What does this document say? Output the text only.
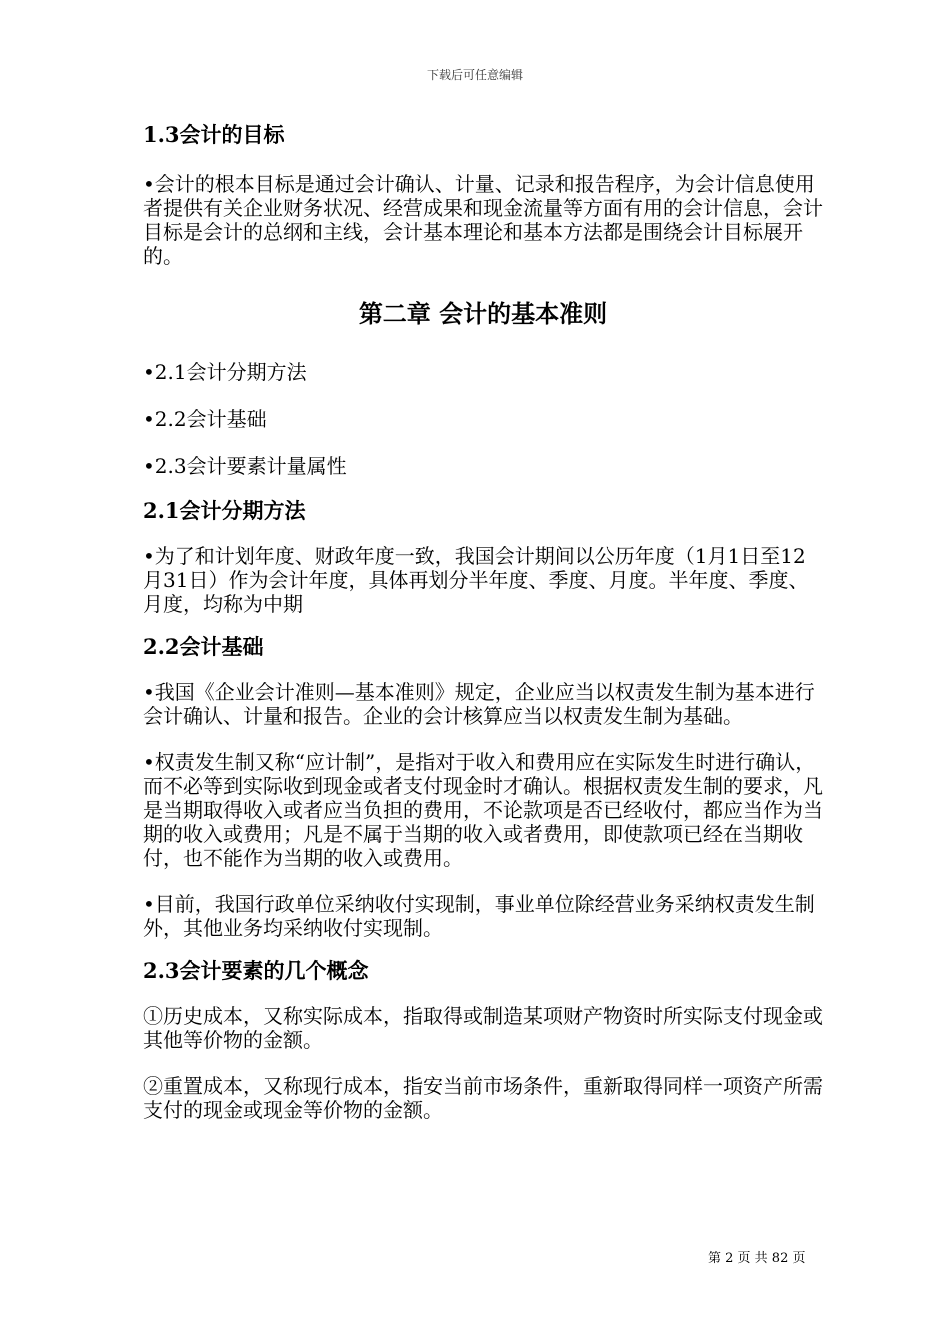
下载后可任意编辑
1.3会计的目标

•会计的根本目标是通过会计确认、计量、记录和报告程序，为会计信息使用者提供有关企业财务状况、经营成果和现金流量等方面有用的会计信息，会计目标是会计的总纲和主线，会计基本理论和基本方法都是围绕会计目标展开的。

第二章 会计的基本准则

•2.1会计分期方法

•2.2会计基础

•2.3会计要素计量属性

2.1会计分期方法

•为了和计划年度、财政年度一致，我国会计期间以公历年度（1月1日至12月31日）作为会计年度，具体再划分半年度、季度、月度。半年度、季度、月度，均称为中期

2.2会计基础

•我国《企业会计准则—基本准则》规定，企业应当以权责发生制为基本进行会计确认、计量和报告。企业的会计核算应当以权责发生制为基础。

•权责发生制又称“应计制”，是指对于收入和费用应在实际发生时进行确认，而不必等到实际收到现金或者支付现金时才确认。根据权责发生制的要求，凡是当期取得收入或者应当负担的费用，不论款项是否已经收付，都应当作为当期的收入或费用；凡是不属于当期的收入或者费用，即使款项已经在当期收付，也不能作为当期的收入或费用。

•目前，我国行政单位采纳收付实现制，事业单位除经营业务采纳权责发生制外，其他业务均采纳收付实现制。

2.3会计要素的几个概念

①历史成本，又称实际成本，指取得或制造某项财产物资时所实际支付现金或其他等价物的金额。

②重置成本，又称现行成本，指安当前市场条件，重新取得同样一项资产所需支付的现金或现金等价物的金额。

第 2 页 共 82 页
